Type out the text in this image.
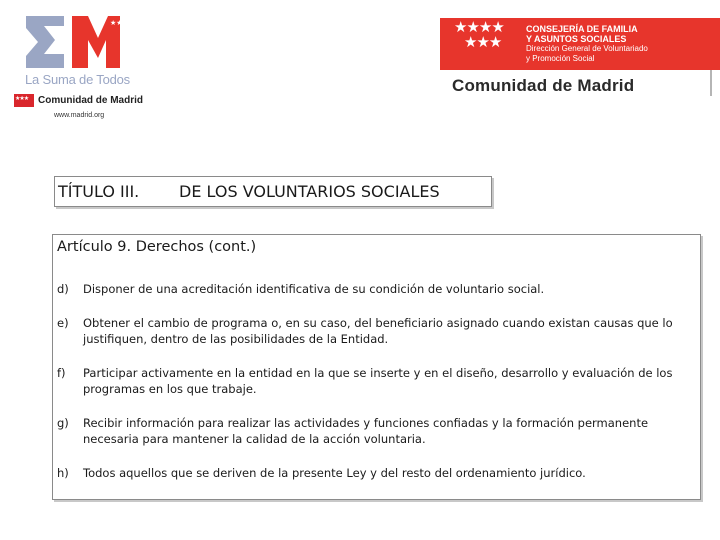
★★
La Suma de Todos
★★★
Comunidad de Madrid
www.madrid.org
★★★★
★★★
CONSEJERÍA DE FAMILIA
Y ASUNTOS SOCIALES
Dirección General de Voluntariado
y Promoción Social
Comunidad de Madrid
TÍTULO III.	DE LOS VOLUNTARIOS SOCIALES
Artículo 9. Derechos (cont.)
d)	Disponer de una acreditación identificativa de su condición de voluntario social.
e)	Obtener el cambio de programa o, en su caso, del beneficiario asignado cuando existan causas que lo justifiquen, dentro de las posibilidades de la Entidad.
f)	Participar activamente en la entidad en la que se inserte y en el diseño, desarrollo y evaluación de los programas en los que trabaje.
g)	Recibir información para realizar las actividades y funciones confiadas y la formación permanente necesaria para mantener la calidad de la acción voluntaria.
h)	Todos aquellos que se deriven de la presente Ley y del resto del ordenamiento jurídico.
